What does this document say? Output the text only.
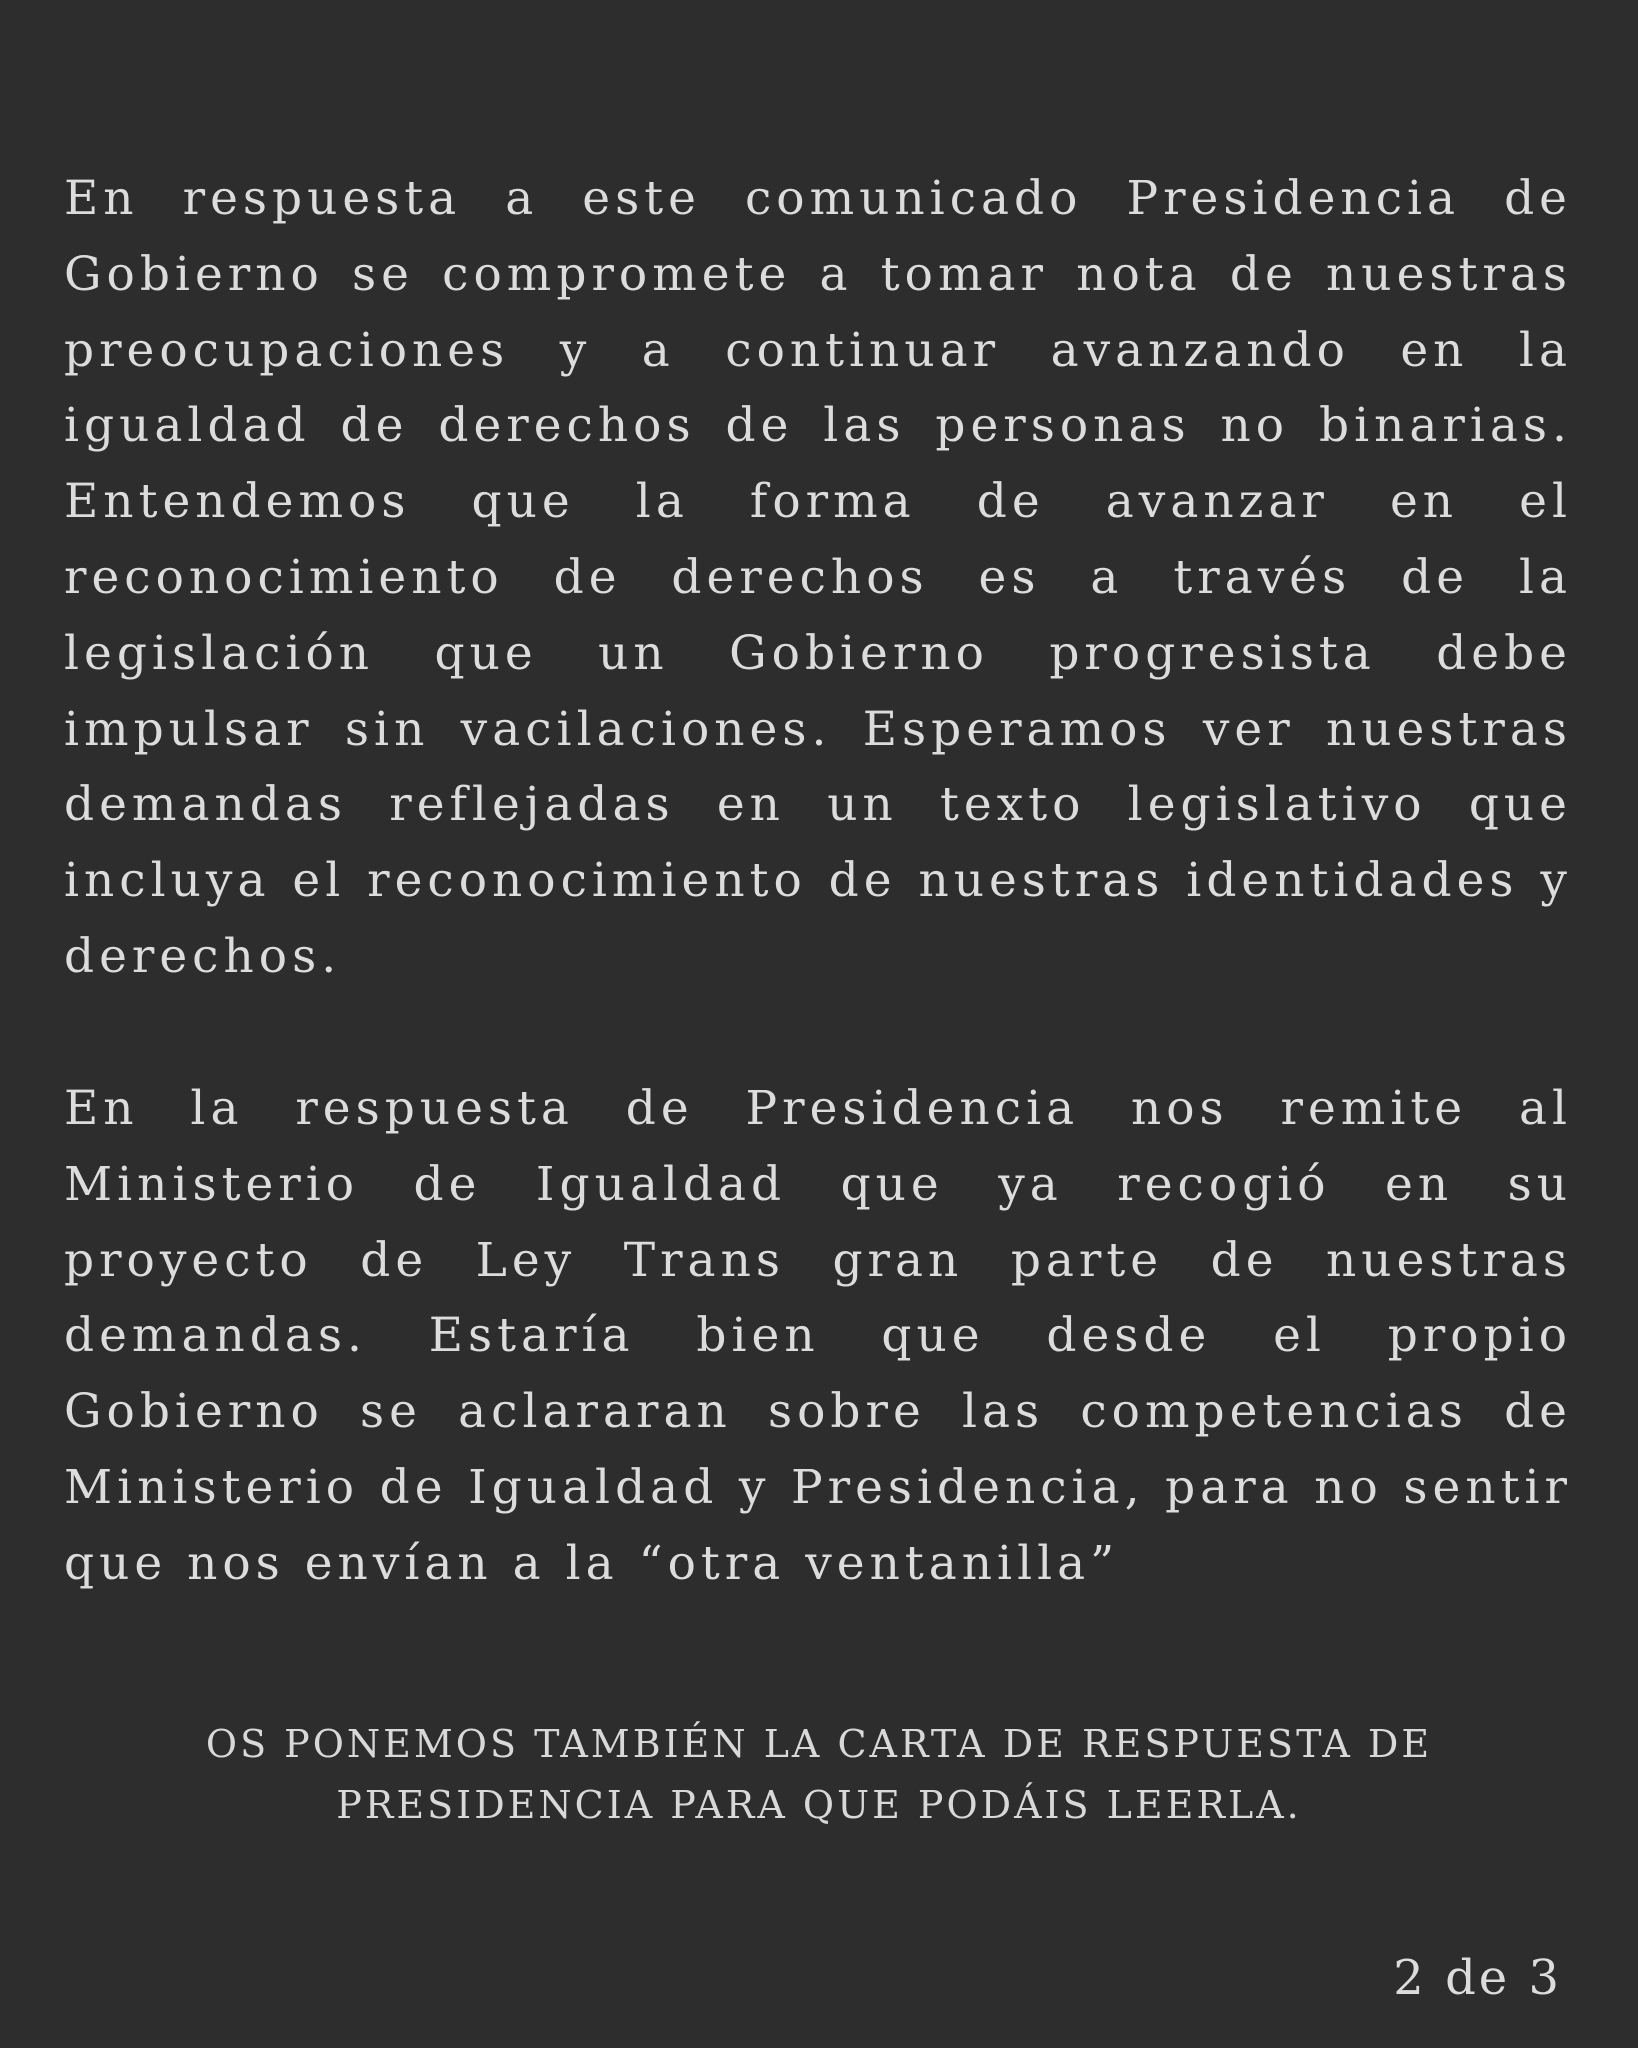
En respuesta a este comunicado Presidencia de Gobierno se compromete a tomar nota de nuestras preocupaciones y a continuar avanzando en la igualdad de derechos de las personas no binarias. Entendemos que la forma de avanzar en el reconocimiento de derechos es a través de la legislación que un Gobierno progresista debe impulsar sin vacilaciones. Esperamos ver nuestras demandas reflejadas en un texto legislativo que incluya el reconocimiento de nuestras identidades y derechos.

En la respuesta de Presidencia nos remite al Ministerio de Igualdad que ya recogió en su proyecto de Ley Trans gran parte de nuestras demandas. Estaría bien que desde el propio Gobierno se aclararan sobre las competencias de Ministerio de Igualdad y Presidencia, para no sentir que nos envían a la “otra ventanilla”

OS PONEMOS TAMBIÉN LA CARTA DE RESPUESTA DE
PRESIDENCIA PARA QUE PODÁIS LEERLA.

2 de 3
